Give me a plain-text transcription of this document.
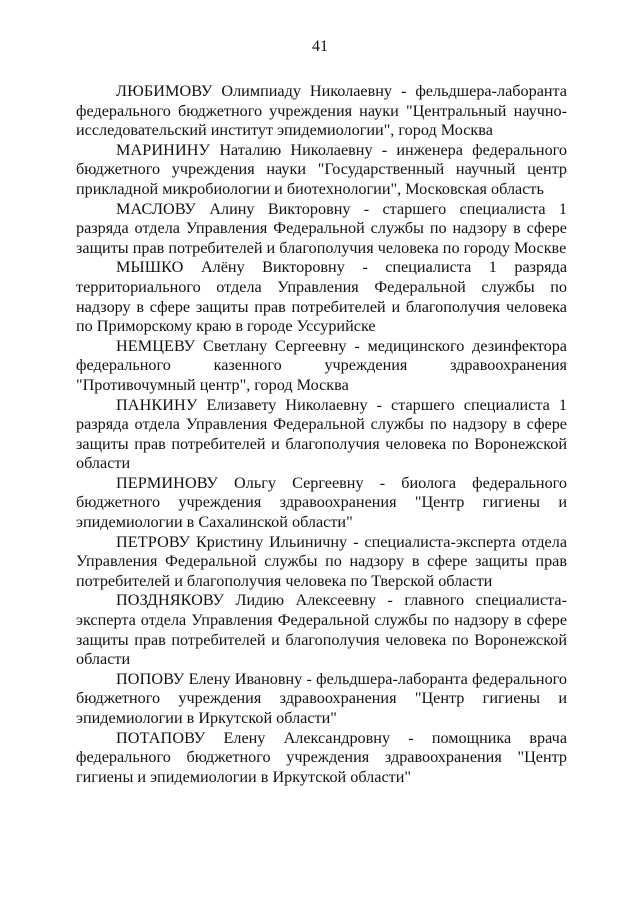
41

ЛЮБИМОВУ Олимпиаду Николаевну - фельдшера-лаборанта федерального бюджетного учреждения науки "Центральный научно-исследовательский институт эпидемиологии", город Москва

МАРИНИНУ Наталию Николаевну - инженера федерального бюджетного учреждения науки "Государственный научный центр прикладной микробиологии и биотехнологии", Московская область

МАСЛОВУ Алину Викторовну - старшего специалиста 1 разряда отдела Управления Федеральной службы по надзору в сфере защиты прав потребителей и благополучия человека по городу Москве

МЫШКО Алёну Викторовну - специалиста 1 разряда территориального отдела Управления Федеральной службы по надзору в сфере защиты прав потребителей и благополучия человека по Приморскому краю в городе Уссурийске

НЕМЦЕВУ Светлану Сергеевну - медицинского дезинфектора федерального казенного учреждения здравоохранения "Противочумный центр", город Москва

ПАНКИНУ Елизавету Николаевну - старшего специалиста 1 разряда отдела Управления Федеральной службы по надзору в сфере защиты прав потребителей и благополучия человека по Воронежской области

ПЕРМИНОВУ Ольгу Сергеевну - биолога федерального бюджетного учреждения здравоохранения "Центр гигиены и эпидемиологии в Сахалинской области"

ПЕТРОВУ Кристину Ильиничну - специалиста-эксперта отдела Управления Федеральной службы по надзору в сфере защиты прав потребителей и благополучия человека по Тверской области

ПОЗДНЯКОВУ Лидию Алексеевну - главного специалиста-эксперта отдела Управления Федеральной службы по надзору в сфере защиты прав потребителей и благополучия человека по Воронежской области

ПОПОВУ Елену Ивановну - фельдшера-лаборанта федерального бюджетного учреждения здравоохранения "Центр гигиены и эпидемиологии в Иркутской области"

ПОТАПОВУ Елену Александровну - помощника врача федерального бюджетного учреждения здравоохранения "Центр гигиены и эпидемиологии в Иркутской области"
